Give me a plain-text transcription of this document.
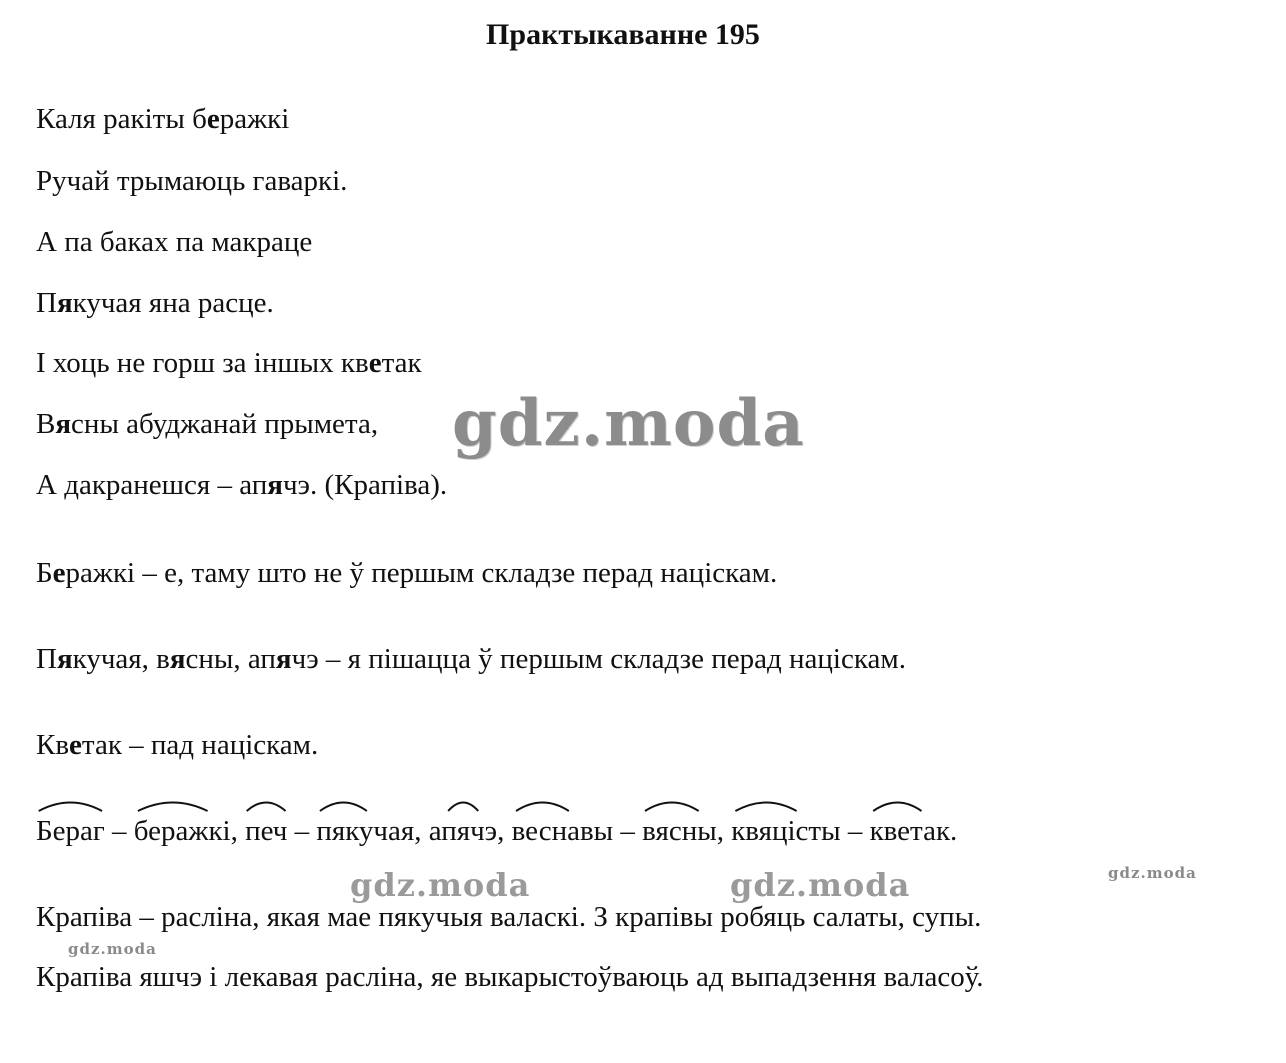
Практыкаванне 195
Каля ракіты беражкі
Ручай трымаюць гаваркі.
А па баках па макраце
Пякучая яна расце.
І хоць не горш за іншых кветак
Вясны абуджанай прымета,
А дакранешся – апячэ. (Крапіва).
Беражкі – е, таму што не ў першым складзе перад націскам.
Пякучая, вясны, апячэ – я пішацца ў першым складзе перад націскам.
Кветак – пад націскам.
Бераг –
беражкі,
печ –
пякучая,
апячэ,
веснавы –
вясны,
квяцісты –
кветак.
Крапіва – расліна, якая мае пякучыя валаскі. З крапівы робяць салаты, супы.
Крапіва яшчэ і лекавая расліна, яе выкарыстоўваюць ад выпадзення валасоў.
gdz.moda
gdz.moda	gdz.moda	gdz.moda
gdz.moda
